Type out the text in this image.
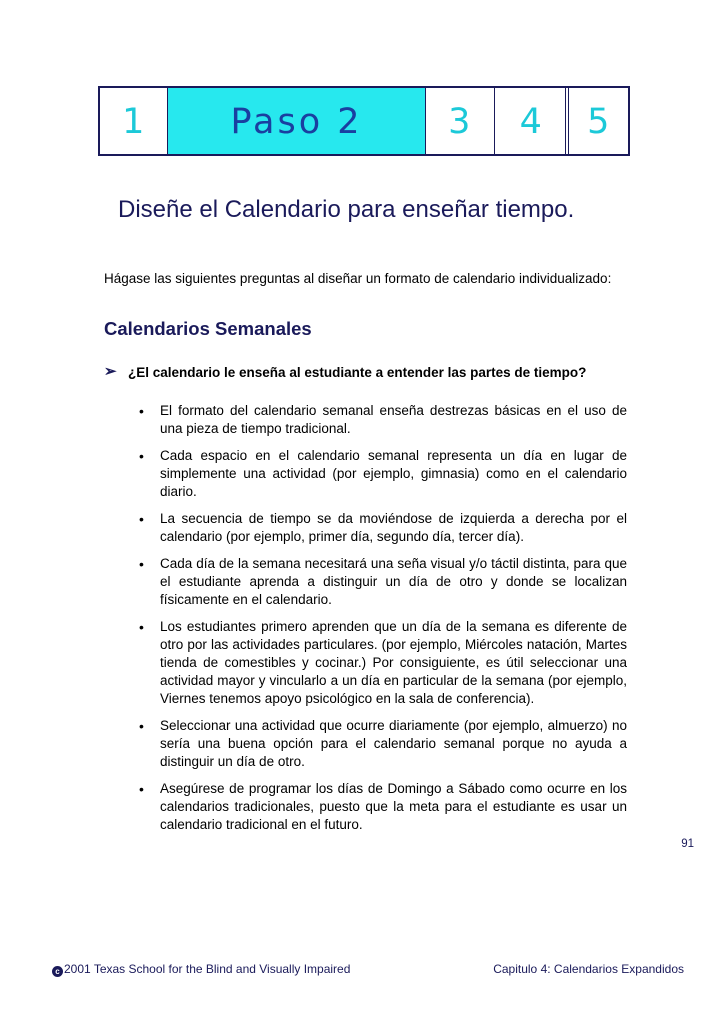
1	Paso 2	3	4	5
Diseñe el Calendario para enseñar tiempo.
Hágase las siguientes preguntas al diseñar un formato de calendario individualizado:
Calendarios Semanales
➢ ¿El calendario le enseña al estudiante a entender las partes de tiempo?
• El formato del calendario semanal enseña destrezas básicas en el uso de una pieza de tiempo tradicional.
• Cada espacio en el calendario semanal representa un día en lugar de simplemente una actividad (por ejemplo, gimnasia) como en el calendario diario.
• La secuencia de tiempo se da moviéndose de izquierda a derecha por el calendario (por ejemplo, primer día, segundo día, tercer día).
• Cada día de la semana necesitará una seña visual y/o táctil distinta, para que el estudiante aprenda a distinguir un día de otro y donde se localizan físicamente en el calendario.
• Los estudiantes primero aprenden que un día de la semana es diferente de otro por las actividades particulares. (por ejemplo, Miércoles natación, Martes tienda de comestibles y cocinar.) Por consiguiente, es útil seleccionar una actividad mayor y vincularlo a un día en particular de la semana (por ejemplo, Viernes tenemos apoyo psicológico en la sala de conferencia).
• Seleccionar una actividad que ocurre diariamente (por ejemplo, almuerzo) no sería una buena opción para el calendario semanal porque no ayuda a distinguir un día de otro.
• Asegúrese de programar los días de Domingo a Sábado como ocurre en los calendarios tradicionales, puesto que la meta para el estudiante es usar un calendario tradicional en el futuro.
91
c 2001 Texas School for the Blind and Visually Impaired	Capitulo 4: Calendarios Expandidos
